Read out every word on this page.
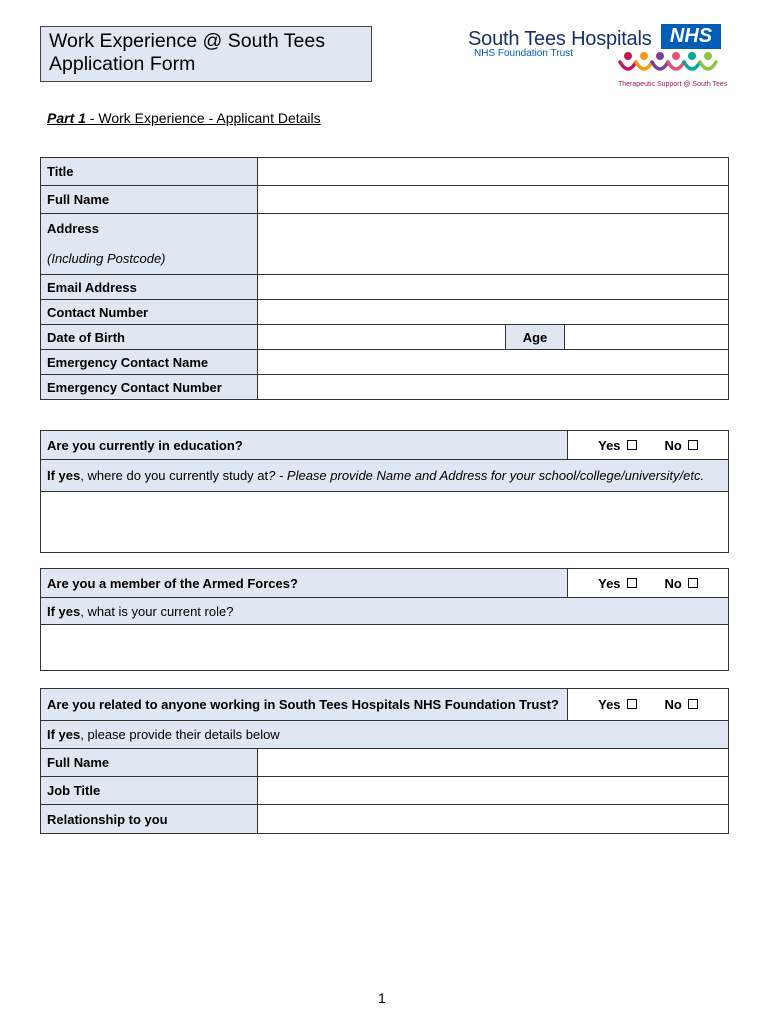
Work Experience @ South Tees
Application Form
South Tees Hospitals NHS
NHS Foundation Trust
Therapeutic Support @ South Tees
Part 1 - Work Experience - Applicant Details
Title			
Full Name			

Address
(Including Postcode)			

Email Address			
Contact Number			
Date of Birth		Age	
Emergency Contact Name			
Emergency Contact Number			
Are you currently in education?	Yes	No
If yes, where do you currently study at? - Please provide Name and Address for your school/college/university/etc.

Are you a member of the Armed Forces?	Yes	No
If yes, what is your current role?

Are you related to anyone working in South Tees Hospitals NHS Foundation Trust?		Yes No
If yes, please provide their details below		
Full Name		
Job Title		
Relationship to you		
1
